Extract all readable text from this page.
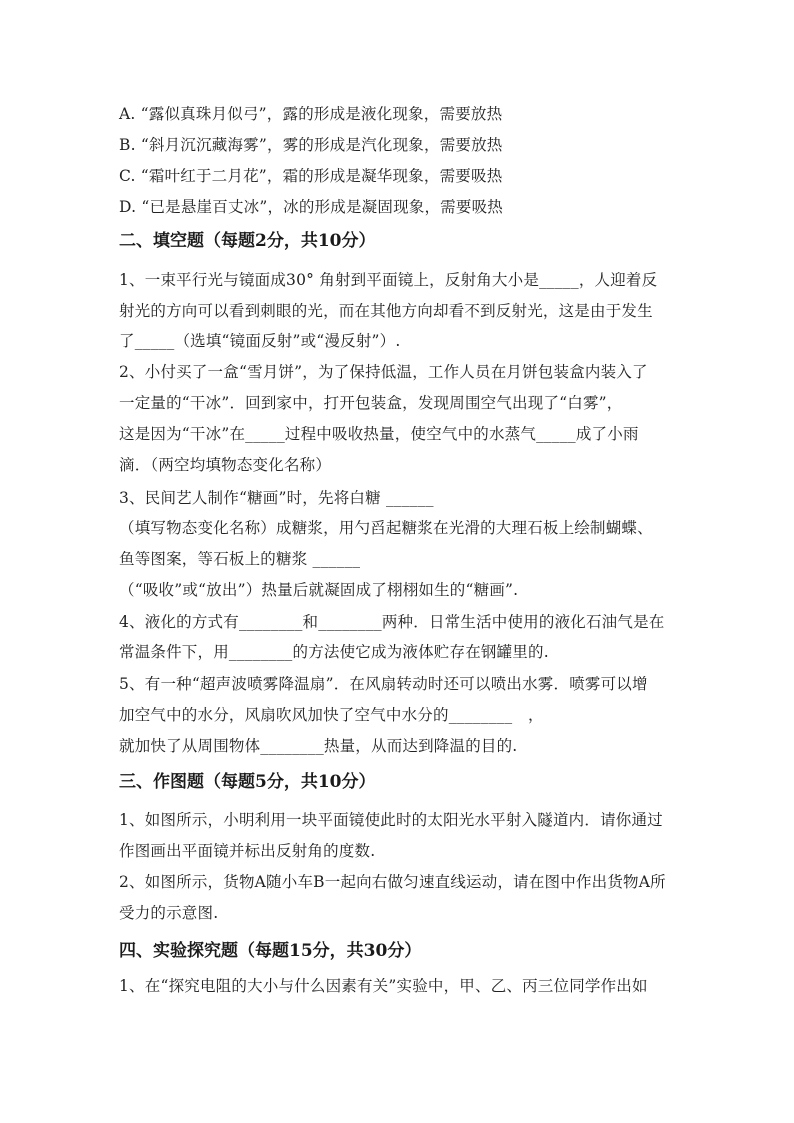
A. “露似真珠月似弓”，露的形成是液化现象，需要放热
B. “斜月沉沉藏海雾”，雾的形成是汽化现象，需要放热
C. “霜叶红于二月花”，霜的形成是凝华现象，需要吸热
D. “已是悬崖百丈冰”，冰的形成是凝固现象，需要吸热
二、填空题（每题2分，共10分）
1、一束平行光与镜面成30° 角射到平面镜上，反射角大小是_____，人迎着反
射光的方向可以看到刺眼的光，而在其他方向却看不到反射光，这是由于发生
了_____（选填“镜面反射”或“漫反射”）.
2、小付买了一盒“雪月饼”，为了保持低温，工作人员在月饼包装盒内装入了
一定量的“干冰”．回到家中，打开包装盒，发现周围空气出现了“白雾”，
这是因为“干冰”在_____过程中吸收热量，使空气中的水蒸气_____成了小雨
滴．（两空均填物态变化名称）
3、民间艺人制作“糖画”时，先将白糖 ______
（填写物态变化名称）成糖浆，用勺舀起糖浆在光滑的大理石板上绘制蝴蝶、
鱼等图案，等石板上的糖浆 ______
（“吸收”或“放出”）热量后就凝固成了栩栩如生的“糖画”.
4、液化的方式有________和________两种．日常生活中使用的液化石油气是在
常温条件下，用________的方法使它成为液体贮存在钢罐里的.
5、有一种“超声波喷雾降温扇”．在风扇转动时还可以喷出水雾．喷雾可以增
加空气中的水分，风扇吹风加快了空气中水分的________　，
就加快了从周围物体________热量，从而达到降温的目的.
三、作图题（每题5分，共10分）
1、如图所示，小明利用一块平面镜使此时的太阳光水平射入隧道内．请你通过
作图画出平面镜并标出反射角的度数.
2、如图所示，货物A随小车B一起向右做匀速直线运动，请在图中作出货物A所
受力的示意图.
四、实验探究题（每题15分，共30分）
1、在“探究电阻的大小与什么因素有关”实验中，甲、乙、丙三位同学作出如
